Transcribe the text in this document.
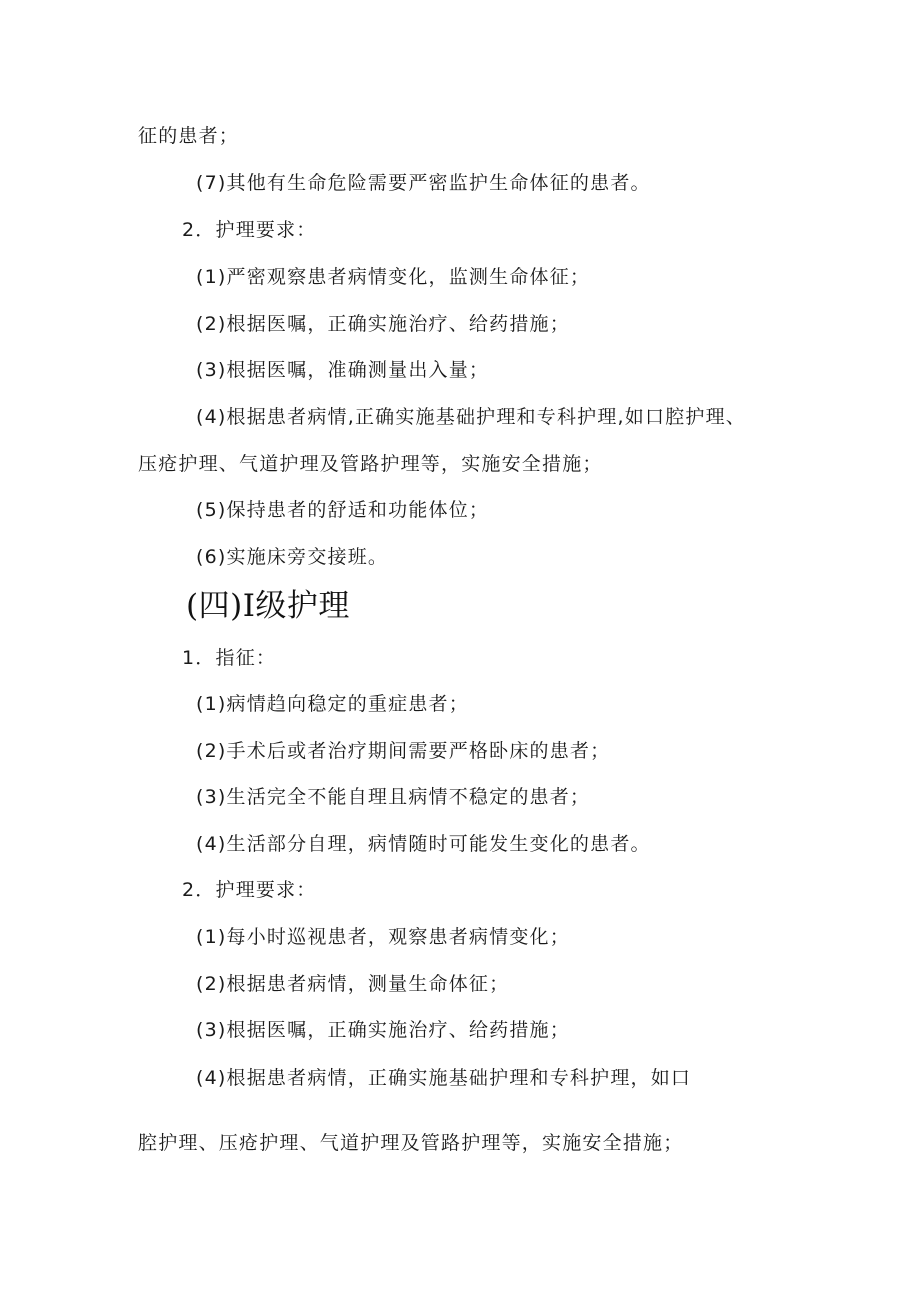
征的患者；
(7)其他有生命危险需要严密监护生命体征的患者。
2．护理要求：
(1)严密观察患者病情变化，监测生命体征；
(2)根据医嘱，正确实施治疗、给药措施；
(3)根据医嘱，准确测量出入量；
(4)根据患者病情,正确实施基础护理和专科护理,如口腔护理、
压疮护理、气道护理及管路护理等，实施安全措施；
(5)保持患者的舒适和功能体位；
(6)实施床旁交接班。
(四)Ⅰ级护理
1．指征：
(1)病情趋向稳定的重症患者；
(2)手术后或者治疗期间需要严格卧床的患者；
(3)生活完全不能自理且病情不稳定的患者；
(4)生活部分自理，病情随时可能发生变化的患者。
2．护理要求：
(1)每小时巡视患者，观察患者病情变化；
(2)根据患者病情，测量生命体征；
(3)根据医嘱，正确实施治疗、给药措施；
(4)根据患者病情，正确实施基础护理和专科护理，如口
腔护理、压疮护理、气道护理及管路护理等，实施安全措施；
